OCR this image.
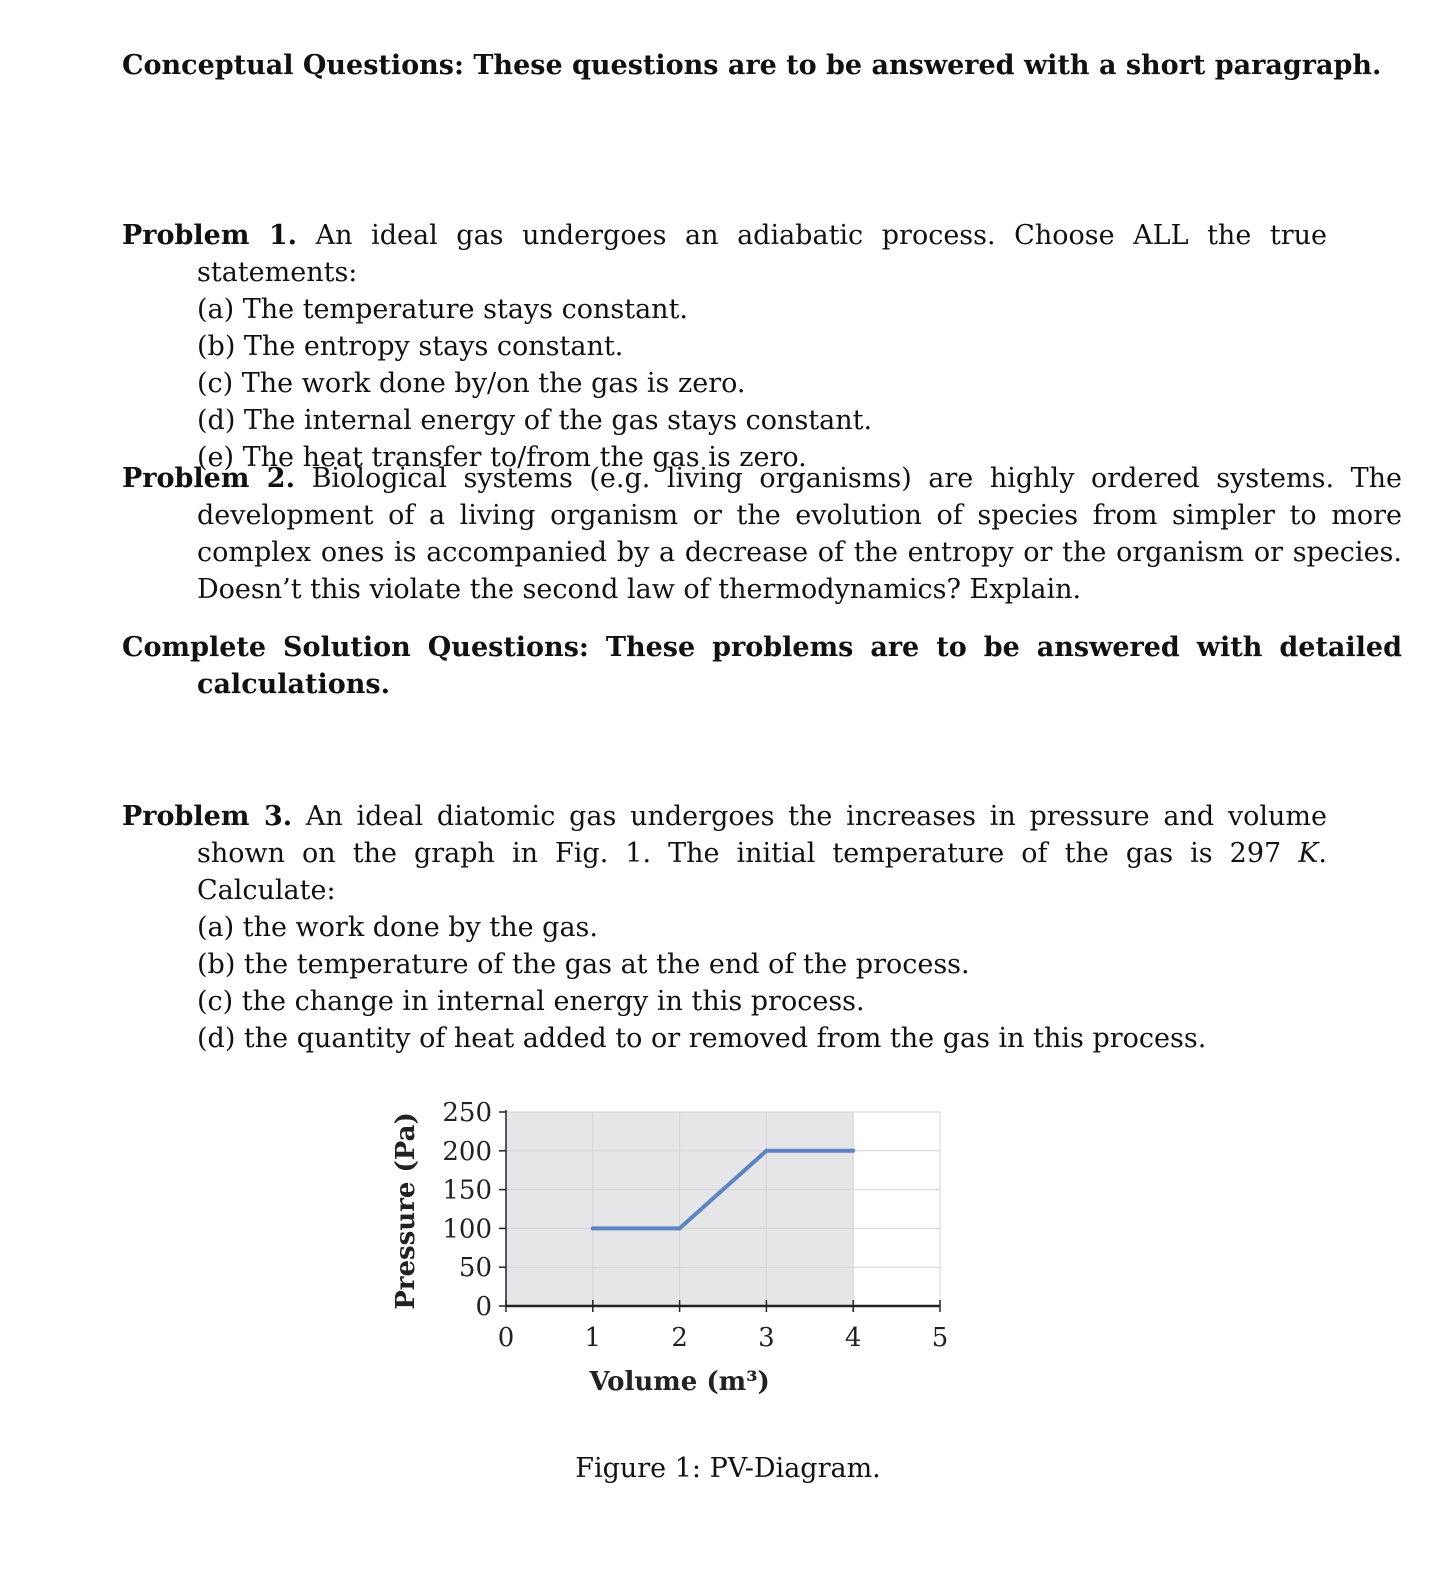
Conceptual Questions: These questions are to be answered with a short paragraph.
Problem 1. An ideal gas undergoes an adiabatic process. Choose ALL the true statements:
(a) The temperature stays constant.
(b) The entropy stays constant.
(c) The work done by/on the gas is zero.
(d) The internal energy of the gas stays constant.
(e) The heat transfer to/from the gas is zero.
Problem 2. Biological systems (e.g. living organisms) are highly ordered systems. The development of a living organism or the evolution of species from simpler to more complex ones is accompanied by a decrease of the entropy or the organism or species. Doesn’t this violate the second law of thermodynamics? Explain.
Complete Solution Questions: These problems are to be answered with detailed calculations.
Problem 3. An ideal diatomic gas undergoes the increases in pressure and volume shown on the graph in Fig. 1. The initial temperature of the gas is 297 K. Calculate:
(a) the work done by the gas.
(b) the temperature of the gas at the end of the process.
(c) the change in internal energy in this process.
(d) the quantity of heat added to or removed from the gas in this process.
0
50
100
150
200
250
0	1	2	3	4	5
Pressure (Pa)
Volume (m³)
Figure 1: PV-Diagram.
